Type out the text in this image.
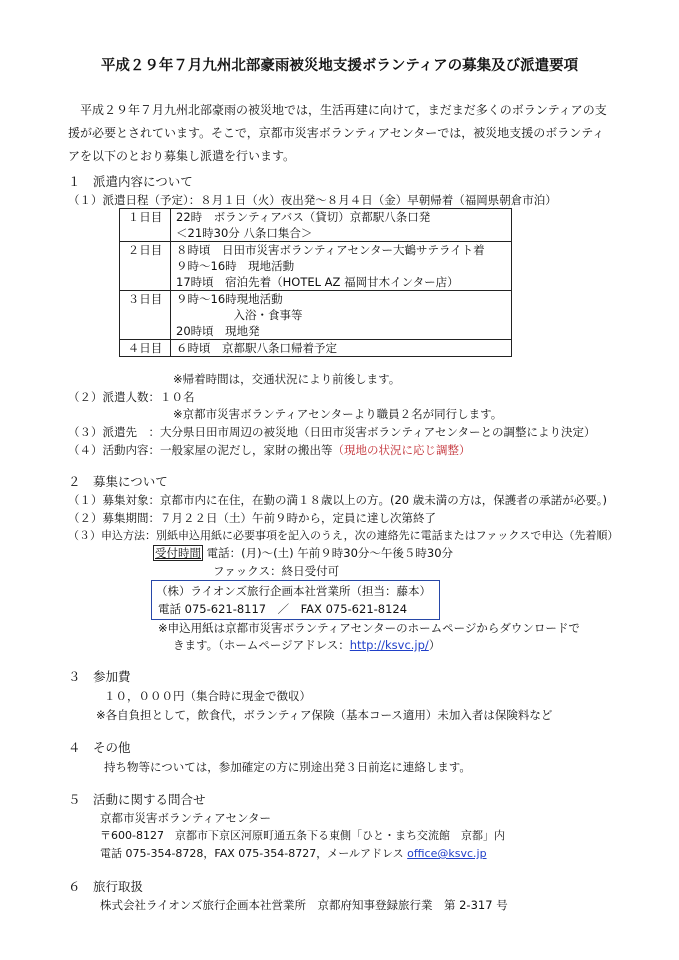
平成２９年７月九州北部豪雨被災地支援ボランティアの募集及び派遣要項
平成２９年７月九州北部豪雨の被災地では，生活再建に向けて，まだまだ多くのボランティアの支援が必要とされています。そこで，京都市災害ボランティアセンターでは，被災地支援のボランティアを以下のとおり募集し派遣を行います。
１　派遣内容について
（１）派遣日程（予定）：８月１日（火）夜出発～８月４日（金）早朝帰着（福岡県朝倉市泊）
１日目	22時　ボランティアバス（貸切）京都駅八条口発
＜21時30分 八条口集合＞

２日目	８時頃　日田市災害ボランティアセンター大鶴サテライト着
９時～16時　現地活動
17時頃　宿泊先着（HOTEL AZ 福岡甘木インター店）

３日目	９時～16時現地活動
　　　　　入浴・食事等
20時頃　現地発

４日目	６時頃　京都駅八条口帰着予定
※帰着時間は，交通状況により前後します。
（２）派遣人数：１０名
※京都市災害ボランティアセンターより職員２名が同行します。
（３）派遣先　：大分県日田市周辺の被災地（日田市災害ボランティアセンターとの調整により決定）
（４）活動内容：一般家屋の泥だし，家財の搬出等（現地の状況に応じ調整）
２　募集について
（１）募集対象：京都市内に在住，在勤の満１８歳以上の方。(20 歳未満の方は，保護者の承諾が必要。)
（２）募集期間：７月２２日（土）午前９時から，定員に達し次第終了
（３）申込方法：別紙申込用紙に必要事項を記入のうえ，次の連絡先に電話またはファックスで申込（先着順）
受付時間 電話：(月)～(土) 午前９時30分～午後５時30分
ファックス：終日受付可
（株）ライオンズ旅行企画本社営業所（担当：藤本）
電話 075-621-8117　／　FAX 075-621-8124
※申込用紙は京都市災害ボランティアセンターのホームページからダウンロードで
きます。（ホームページアドレス：http://ksvc.jp/）
３　参加費
１０，０００円（集合時に現金で徴収）
※各自負担として，飲食代，ボランティア保険（基本コース適用）未加入者は保険料など
４　その他
持ち物等については，参加確定の方に別途出発３日前迄に連絡します。
５　活動に関する問合せ
京都市災害ボランティアセンター
〒600-8127　京都市下京区河原町通五条下る東側「ひと・まち交流館　京都」内
電話 075-354-8728，FAX 075-354-8727，メールアドレス office@ksvc.jp
６　旅行取扱
株式会社ライオンズ旅行企画本社営業所　京都府知事登録旅行業　第 2-317 号
